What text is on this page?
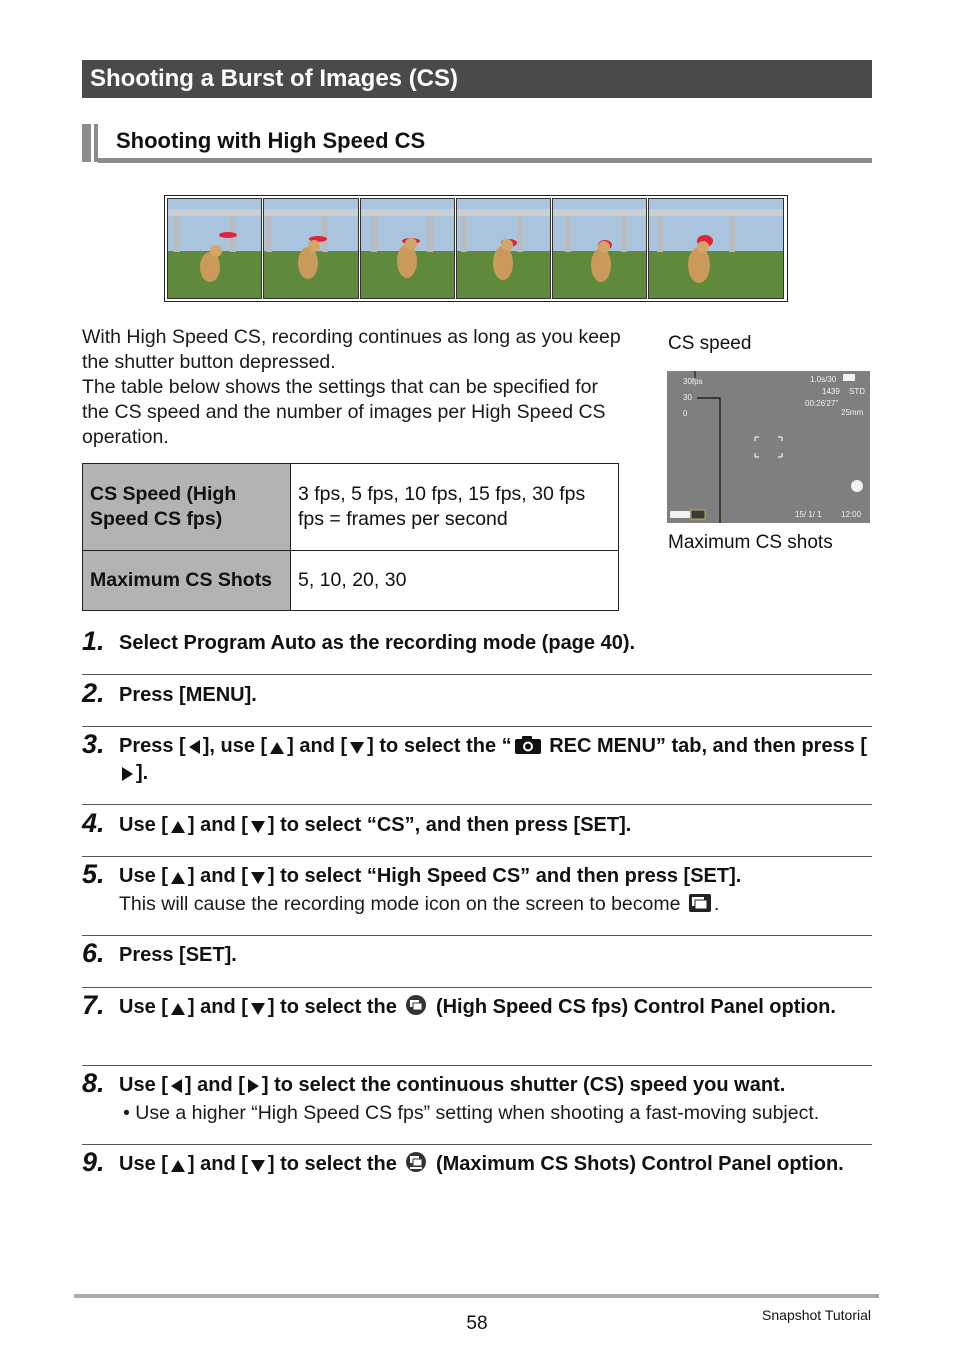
Shooting a Burst of Images (CS)
Shooting with High Speed CS

With High Speed CS, recording continues as long as you keep the shutter button depressed.

The table below shows the settings that can be specified for the CS speed and the number of images per High Speed CS operation.

CS Speed (High Speed CS fps)	3 fps, 5 fps, 10 fps, 15 fps, 30 fps
fps = frames per second

Maximum CS Shots	5, 10, 20, 30
CS speed
30fps
30
0
1.0s/30
1439 STD
00:26'27"
25mm
15/ 1/ 1 12:00
Maximum CS shots
1. Select Program Auto as the recording mode (page 40).
2. Press [MENU].
3. Press [ ], use [ ] and [ ] to select the “ REC MENU” tab, and then press [].
4. Use [ ] and [ ] to select “CS”, and then press [SET].
5. Use [ ] and [ ] to select “High Speed CS” and then press [SET].
This will cause the recording mode icon on the screen to become .
6. Press [SET].
7. Use [ ] and [ ] to select the (High Speed CS fps) Control Panel option.
8. Use [ ] and [ ] to select the continuous shutter (CS) speed you want.
• Use a higher “High Speed CS fps” setting when shooting a fast-moving subject.
9. Use [ ] and [ ] to select the (Maximum CS Shots) Control Panel option.
58	Snapshot Tutorial
